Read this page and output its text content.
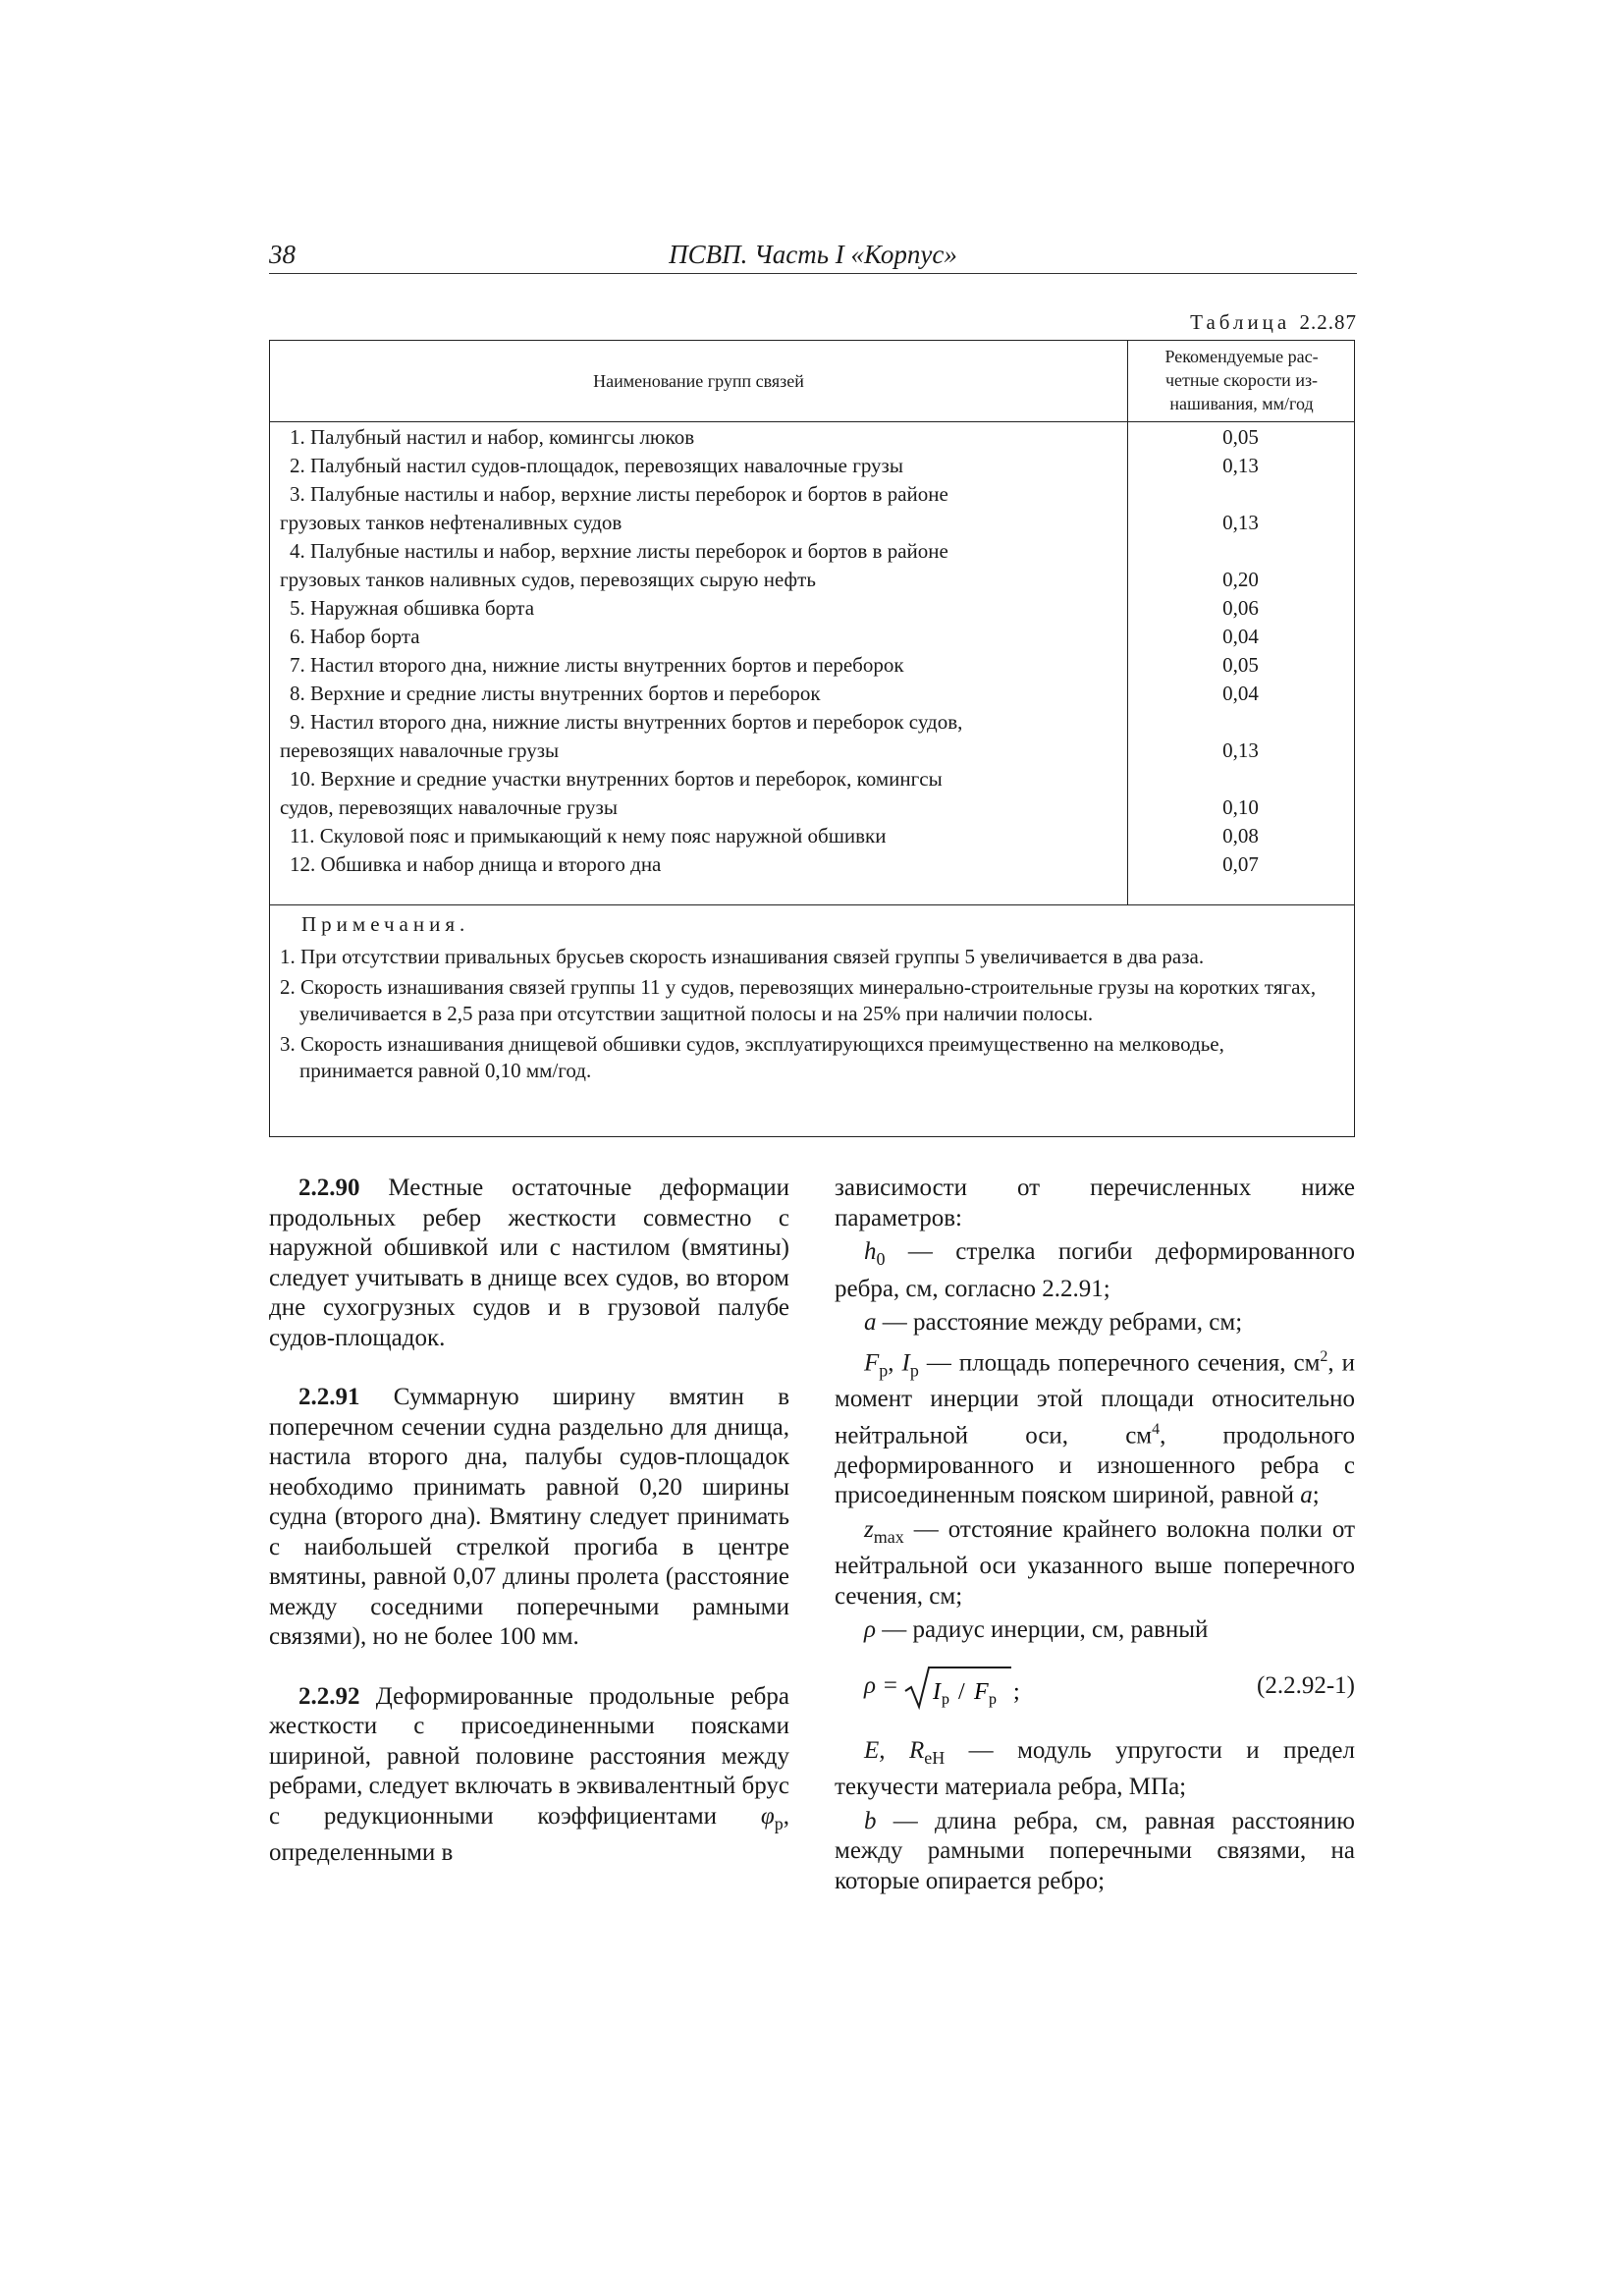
38	ПСВП. Часть I «Корпус»
Таблица 2.2.87
Наименование групп связей
Рекомендуемые рас-
четные скорости из-
нашивания, мм/год
1. Палубный настил и набор, комингсы люков	0,05
2. Палубный настил судов-площадок, перевозящих навалочные грузы	0,13
3. Палубные настилы и набор, верхние листы переборок и бортов в районе
грузовых танков нефтеналивных судов	0,13
4. Палубные настилы и набор, верхние листы переборок и бортов в районе
грузовых танков наливных судов, перевозящих сырую нефть	0,20
5. Наружная обшивка борта	0,06
6. Набор борта	0,04
7. Настил второго дна, нижние листы внутренних бортов и переборок	0,05
8. Верхние и средние листы внутренних бортов и переборок	0,04
9. Настил второго дна, нижние листы внутренних бортов и переборок судов,
перевозящих навалочные грузы	0,13
10. Верхние и средние участки внутренних бортов и переборок, комингсы
судов, перевозящих навалочные грузы	0,10
11. Скуловой пояс и примыкающий к нему пояс наружной обшивки	0,08
12. Обшивка и набор днища и второго дна	0,07
Примечания.
1. При отсутствии привальных брусьев скорость изнашивания связей группы 5 увеличивается в два раза.
2. Скорость изнашивания связей группы 11 у судов, перевозящих минерально-строительные грузы на коротких тягах, увеличивается в 2,5 раза при отсутствии защитной полосы и на 25% при наличии полосы.
3. Скорость изнашивания днищевой обшивки судов, эксплуатирующихся преимущественно на мелководье, принимается равной 0,10 мм/год.

2.2.90 Местные остаточные деформации продольных ребер жесткости совместно с наружной обшивкой или с настилом (вмятины) следует учитывать в днище всех судов, во втором дне сухогрузных судов и в грузовой палубе судов-площадок.

2.2.91 Суммарную ширину вмятин в поперечном сечении судна раздельно для днища, настила второго дна, палубы судов-площадок необходимо принимать равной 0,20 ширины судна (второго дна). Вмятину следует принимать с наибольшей стрелкой прогиба в центре вмятины, равной 0,07 длины пролета (расстояние между соседними поперечными рамными связями), но не более 100 мм.

2.2.92 Деформированные продольные ребра жесткости с присоединенными поясками шириной, равной половине расстояния между ребрами, следует включать в эквивалентный брус с редукционными коэффициентами $\varphi_р$, определенными в

зависимости от перечисленных ниже параметров:

$h_0$ — стрелка погиби деформированного ребра, см, согласно 2.2.91;

a — расстояние между ребрами, см;

$F_р$, $I_р$ — площадь поперечного сечения, $см^2$, и момент инерции этой площади относительно нейтральной оси, $см^4$, продольного деформированного и изношенного ребра с присоединенным пояском шириной, равной a;

$z_{max}$ — отстояние крайнего волокна полки от нейтральной оси указанного выше поперечного сечения, см;

ρ — радиус инерции, см, равный

ρ = I р / F р ;	(2.2.92-1)

E, $R_{eH}$ — модуль упругости и предел текучести материала ребра, МПа;

b — длина ребра, см, равная расстоянию между рамными поперечными связями, на которые опирается ребро;
